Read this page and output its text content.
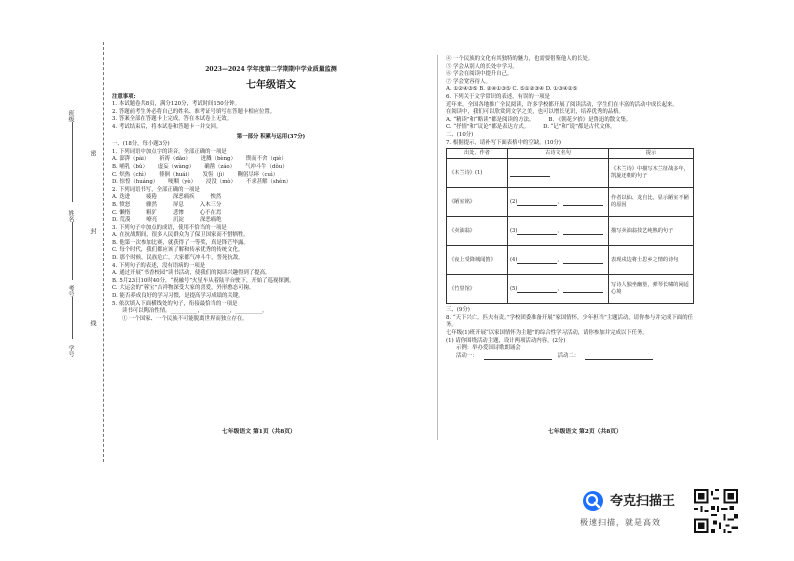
密
封
线
班级
姓名
考号
学号
2023—2024 学年度第二学期期中学业质量监测
七年级语文
注意事项:
1. 本试题卷共8页，满分120分，考试时间150分钟。
2. 答题前考生务必将自己的姓名、准考证号填写在答题卡相应位置。
3. 答案全部在答题卡上完成，答在本试卷上无效。
4. 考试结束后，将本试卷和答题卡一并交回。
第一部分 积累与运用(37分)
一、(18分，每小题3分)
1. 下列词语中加点字的读音，全部正确的一项是
A. 澎湃（pài） 祈祷（dǎo） 迸溅（bèng） 锲而不舍（qiè）
B. 哺乳（bǔ） 虚妄（wàng） 确凿（záo） 气冲斗牛（dǒu）
C. 炽热（chì） 徘徊（huái） 发髻（jì） 鞠躬尽瘁（cuì）
D. 惊惶（huáng） 哽咽（yè） 浸没（mò） 不求甚解（shèn）
2. 下列词语书写，全部正确的一项是
A. 迭进	疲倦	深恶痛疾	怏然
B. 愤怒	骤然	屏息	入木三分
C. 懒惰	粗犷	悲惨	心不在焉
D. 荒漠	嘹亮	沉淀	深恶痛绝
3. 下列句子中加点的成语，使用不恰当的一项是
A. 在抗战期间，很多人民群众为了保卫国家而不惜牺牲。
B. 他第一次参加比赛，就获得了一等奖，真是锋芒毕露。
C. 每个时代，我们都应该了解和传承优秀的传统文化。
D. 那个时候，民族危亡，大家都气冲斗牛，誓死抗敌。
4. 下列句子的表述，没有语病的一项是
A. 通过开展“书香校园”读书活动，使我们的阅读兴趣得到了提高。
B. 5月23日10时40分，“祝融号”火星车从着陆平台驶下，开始了巡视探测。
C. 大运会的“蓉宝”吉祥物深受大家的喜爱，外形憨态可掬。
D. 能否养成良好的学习习惯，是提高学习成绩的关键。
5. 依次填入下面横线处的句子，衔接最恰当的一项是
读书可以陶冶性情。__________，__________，__________。
① 一个国家、一个民族不可能脱离世界而独立存在。
七年级语文 第1页（共8页）
④ 一个民族的文化有其独特的魅力，也需要借鉴他人的长处。
⑤ 学会从别人的长处中学习。
⑥ 学会在阅读中提升自己。
⑦ 学会宽容待人。
A. ①②④③⑤ B. ②④①③⑤ C. ⑤①②③④ D. ①③④②⑤
6. 下列关于文学常识的表述，有误的一项是
近年来，全国各地推广全民阅读，许多学校都开展了阅读活动，学生们在丰富的活动中成长起来。
在阅读中，我们可以欣赏到文学之美，也可以增长见识，培养优秀的品格。
A. “精读”和“略读”都是阅读的方法。	B. 《朝花夕拾》是鲁迅的散文集。
C. “抒情”和“议论”都是表达方式。	D. “记”和“说”都是古代文体。
二、(10分)
7. 根据提示，请补写下面表格中的空缺。(10分)
出处、作者	古诗文名句	提示
《木兰诗》(1)		《木兰诗》中描写木兰征战多年，凯旋还朝的句子
《陋室铭》	(2) ，	作者以仙、龙自比，显示陋室不陋的原因
《卖油翁》	(3) ，	描写卖油翁技艺纯熟的句子
《夜上受降城闻笛》	(4) ，	表现戍边将士思乡之情的诗句
《竹里馆》	(5) ，	写诗人独坐幽篁，弹琴长啸的闲适心境
三、(9分)
8. “天下兴亡，匹夫有责。”学校团委准备开展“家国情怀，少年担当”主题活动，请你参与并完成下面的任务。
七年级(1)班开展“以家国情怀为主题”的综合性学习活动，请你参加并完成以下任务。
(1) 请你围绕活动主题，设计两项活动内容。(2分)
示例：举办爱国诗歌朗诵会
活动一：	活动二：
七年级语文 第2页（共8页）
夸克扫描王
极速扫描，就是高效
